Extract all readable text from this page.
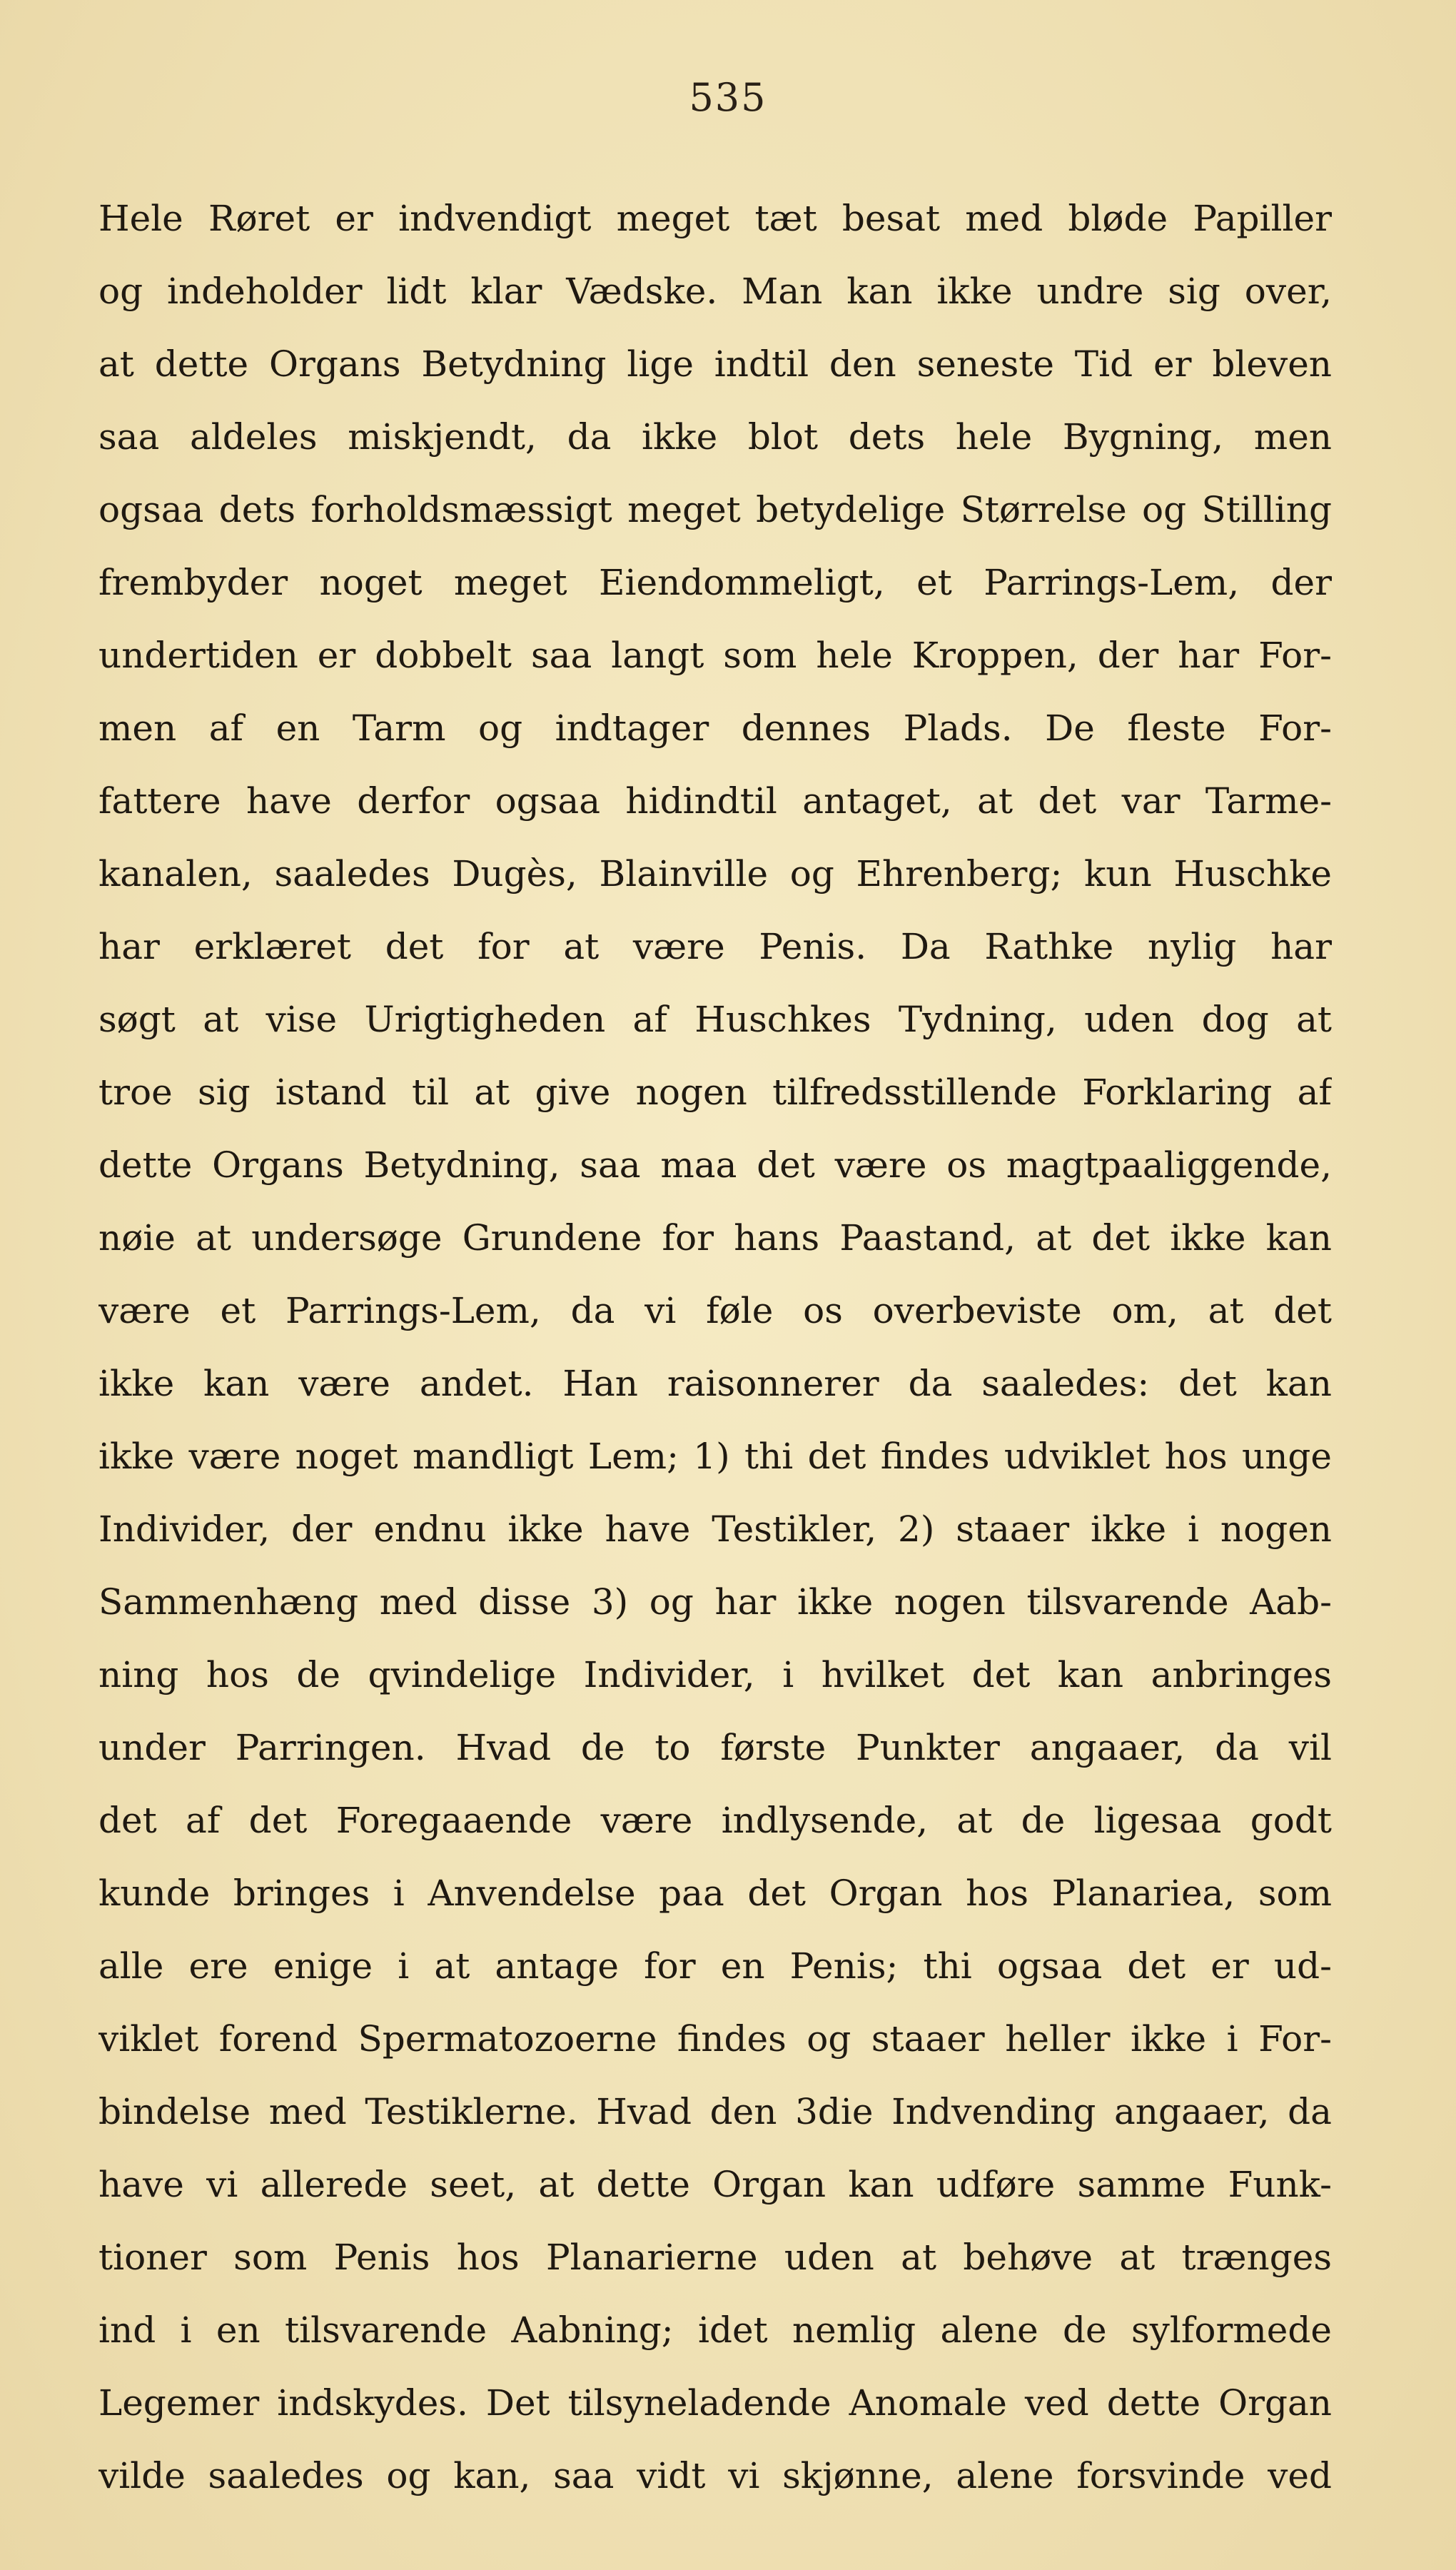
535
Hele Røret er indvendigt meget tæt besat med bløde Papiller
og indeholder lidt klar Vædske. Man kan ikke undre sig over,
at dette Organs Betydning lige indtil den seneste Tid er bleven
saa aldeles miskjendt, da ikke blot dets hele Bygning, men
ogsaa dets forholdsmæssigt meget betydelige Størrelse og Stilling
frembyder noget meget Eiendommeligt, et Parrings-Lem, der
undertiden er dobbelt saa langt som hele Kroppen, der har For-
men af en Tarm og indtager dennes Plads. De fleste For-
fattere have derfor ogsaa hidindtil antaget, at det var Tarme-
kanalen, saaledes Dugès, Blainville og Ehrenberg; kun Huschke
har erklæret det for at være Penis. Da Rathke nylig har
søgt at vise Urigtigheden af Huschkes Tydning, uden dog at
troe sig istand til at give nogen tilfredsstillende Forklaring af
dette Organs Betydning, saa maa det være os magtpaaliggende,
nøie at undersøge Grundene for hans Paastand, at det ikke kan
være et Parrings-Lem, da vi føle os overbeviste om, at det
ikke kan være andet. Han raisonnerer da saaledes: det kan
ikke være noget mandligt Lem; 1) thi det findes udviklet hos unge
Individer, der endnu ikke have Testikler, 2) staaer ikke i nogen
Sammenhæng med disse 3) og har ikke nogen tilsvarende Aab-
ning hos de qvindelige Individer, i hvilket det kan anbringes
under Parringen. Hvad de to første Punkter angaaer, da vil
det af det Foregaaende være indlysende, at de ligesaa godt
kunde bringes i Anvendelse paa det Organ hos Planariea, som
alle ere enige i at antage for en Penis; thi ogsaa det er ud-
viklet forend Spermatozoerne findes og staaer heller ikke i For-
bindelse med Testiklerne. Hvad den 3die Indvending angaaer, da
have vi allerede seet, at dette Organ kan udføre samme Funk-
tioner som Penis hos Planarierne uden at behøve at trænges
ind i en tilsvarende Aabning; idet nemlig alene de sylformede
Legemer indskydes. Det tilsyneladende Anomale ved dette Organ
vilde saaledes og kan, saa vidt vi skjønne, alene forsvinde ved
